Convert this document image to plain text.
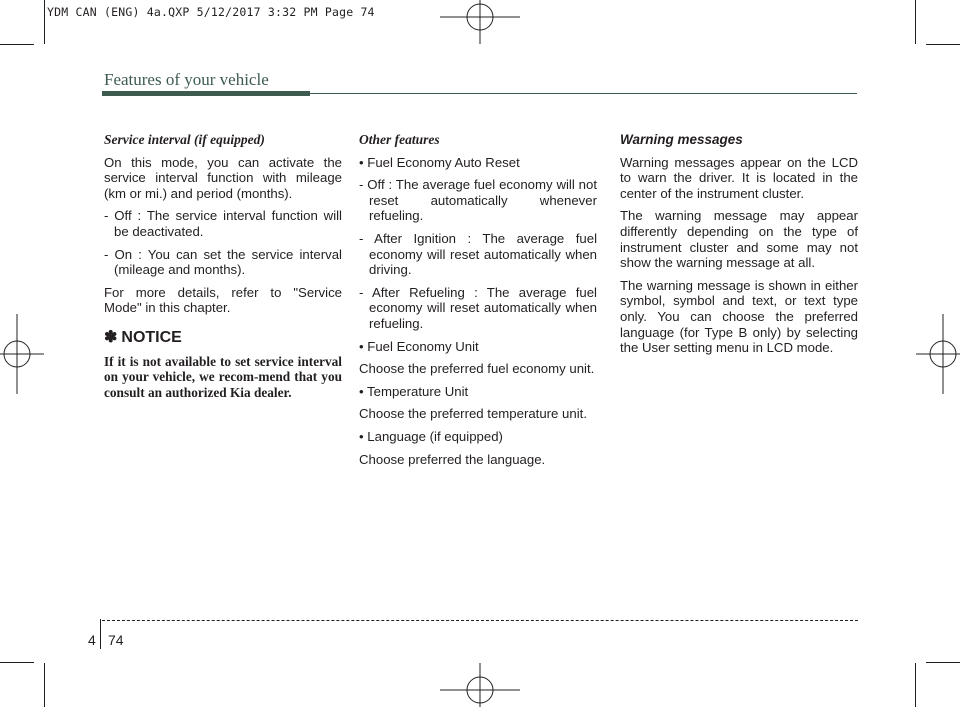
YDM CAN (ENG) 4a.QXP 5/12/2017 3:32 PM Page 74
Features of your vehicle

Service interval (if equipped)

On this mode, you can activate the service interval function with mileage (km or mi.) and period (months).

- Off : The service interval function will be deactivated.

- On : You can set the service interval (mileage and months).

For more details, refer to "Service Mode" in this chapter.

✽ NOTICE

If it is not available to set service interval on your vehicle, we recom-mend that you consult an authorized Kia dealer.

Other features

• Fuel Economy Auto Reset

- Off : The average fuel economy will not reset automatically whenever refueling.

- After Ignition : The average fuel economy will reset automatically when driving.

- After Refueling : The average fuel economy will reset automatically when refueling.

• Fuel Economy Unit

Choose the preferred fuel economy unit.

• Temperature Unit

Choose the preferred temperature unit.

• Language (if equipped)

Choose preferred the language.

Warning messages

Warning messages appear on the LCD to warn the driver. It is located in the center of the instrument cluster.

The warning message may appear differently depending on the type of instrument cluster and some may not show the warning message at all.

The warning message is shown in either symbol, symbol and text, or text type only. You can choose the preferred language (for Type B only) by selecting the User setting menu in LCD mode.

4 74
